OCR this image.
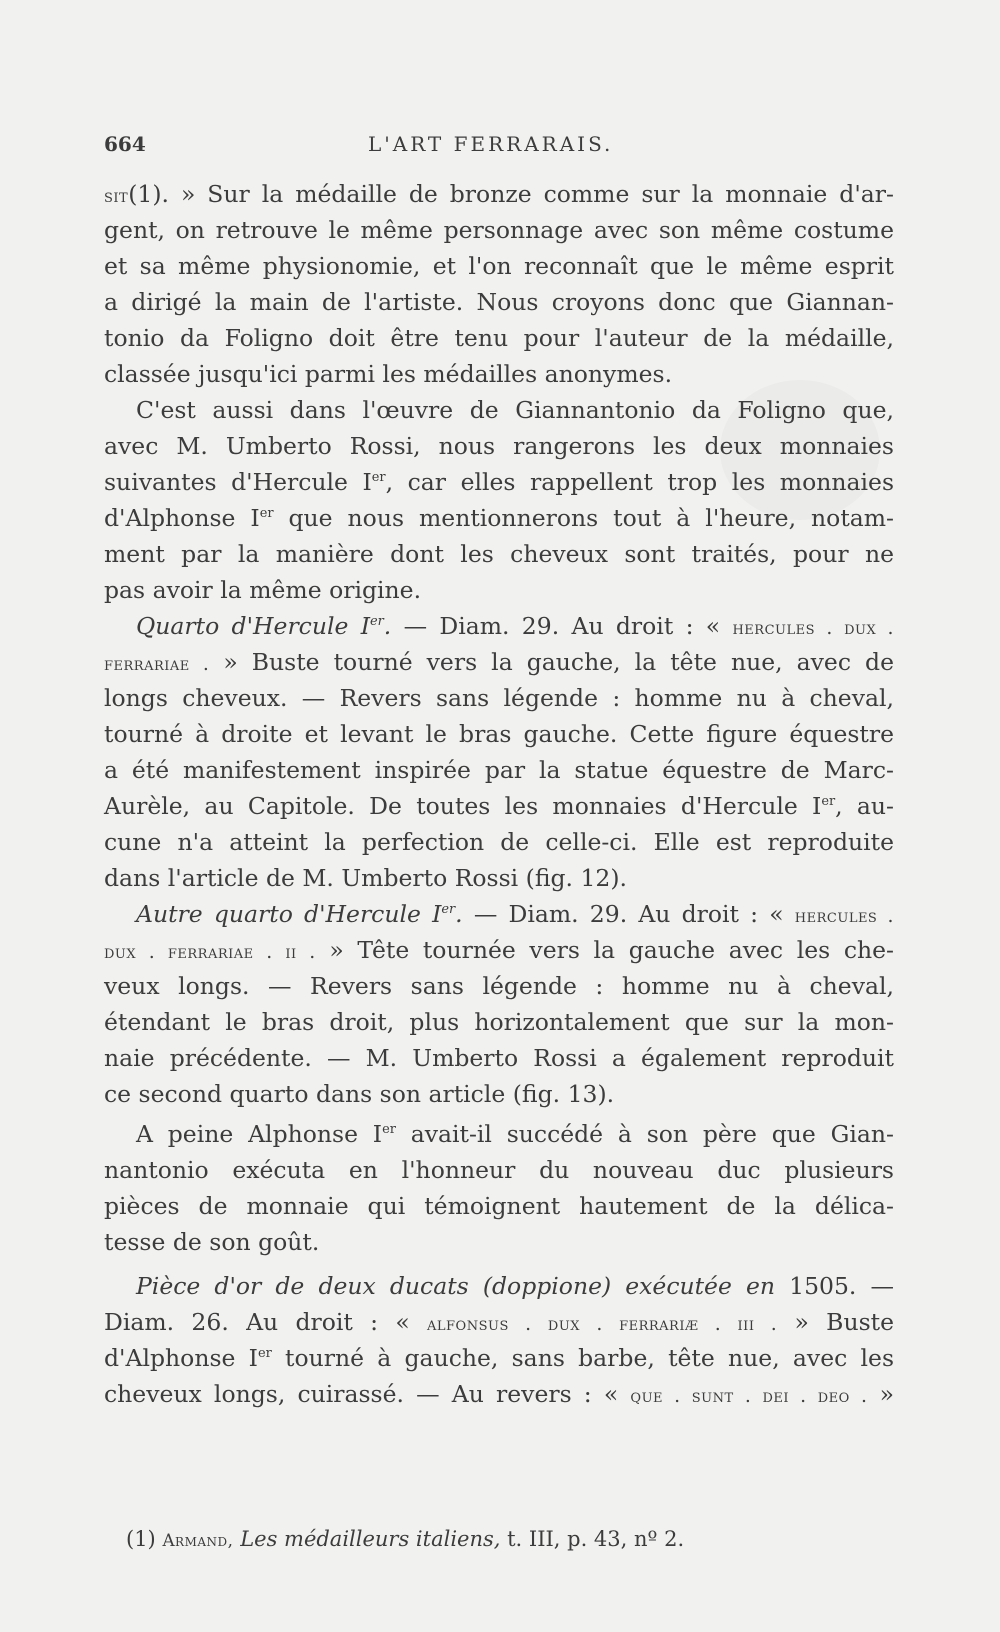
664	L'ART FERRARAIS.
sit(1). » Sur la médaille de bronze comme sur la monnaie d'ar-
gent, on retrouve le même personnage avec son même costume
et sa même physionomie, et l'on reconnaît que le même esprit
a dirigé la main de l'artiste. Nous croyons donc que Giannan-
tonio da Foligno doit être tenu pour l'auteur de la médaille,
classée jusqu'ici parmi les médailles anonymes.
C'est aussi dans l'œuvre de Giannantonio da Foligno que,
avec M. Umberto Rossi, nous rangerons les deux monnaies
suivantes d'Hercule Ier, car elles rappellent trop les monnaies
d'Alphonse Ier que nous mentionnerons tout à l'heure, notam-
ment par la manière dont les cheveux sont traités, pour ne
pas avoir la même origine.
Quarto d'Hercule Ier. — Diam. 29. Au droit : « hercules . dux .
ferrariae . » Buste tourné vers la gauche, la tête nue, avec de
longs cheveux. — Revers sans légende : homme nu à cheval,
tourné à droite et levant le bras gauche. Cette figure équestre
a été manifestement inspirée par la statue équestre de Marc-
Aurèle, au Capitole. De toutes les monnaies d'Hercule Ier, au-
cune n'a atteint la perfection de celle-ci. Elle est reproduite
dans l'article de M. Umberto Rossi (fig. 12).
Autre quarto d'Hercule Ier. — Diam. 29. Au droit : « hercules .
dux . ferrariae . ii . » Tête tournée vers la gauche avec les che-
veux longs. — Revers sans légende : homme nu à cheval,
étendant le bras droit, plus horizontalement que sur la mon-
naie précédente. — M. Umberto Rossi a également reproduit
ce second quarto dans son article (fig. 13).
A peine Alphonse Ier avait-il succédé à son père que Gian-
nantonio exécuta en l'honneur du nouveau duc plusieurs
pièces de monnaie qui témoignent hautement de la délica-
tesse de son goût.
Pièce d'or de deux ducats (doppione) exécutée en 1505. —
Diam. 26. Au droit : « alfonsus . dux . ferrariæ . iii . » Buste
d'Alphonse Ier tourné à gauche, sans barbe, tête nue, avec les
cheveux longs, cuirassé. — Au revers : « que . sunt . dei . deo . »
(1) Armand, Les médailleurs italiens, t. III, p. 43, nº 2.
